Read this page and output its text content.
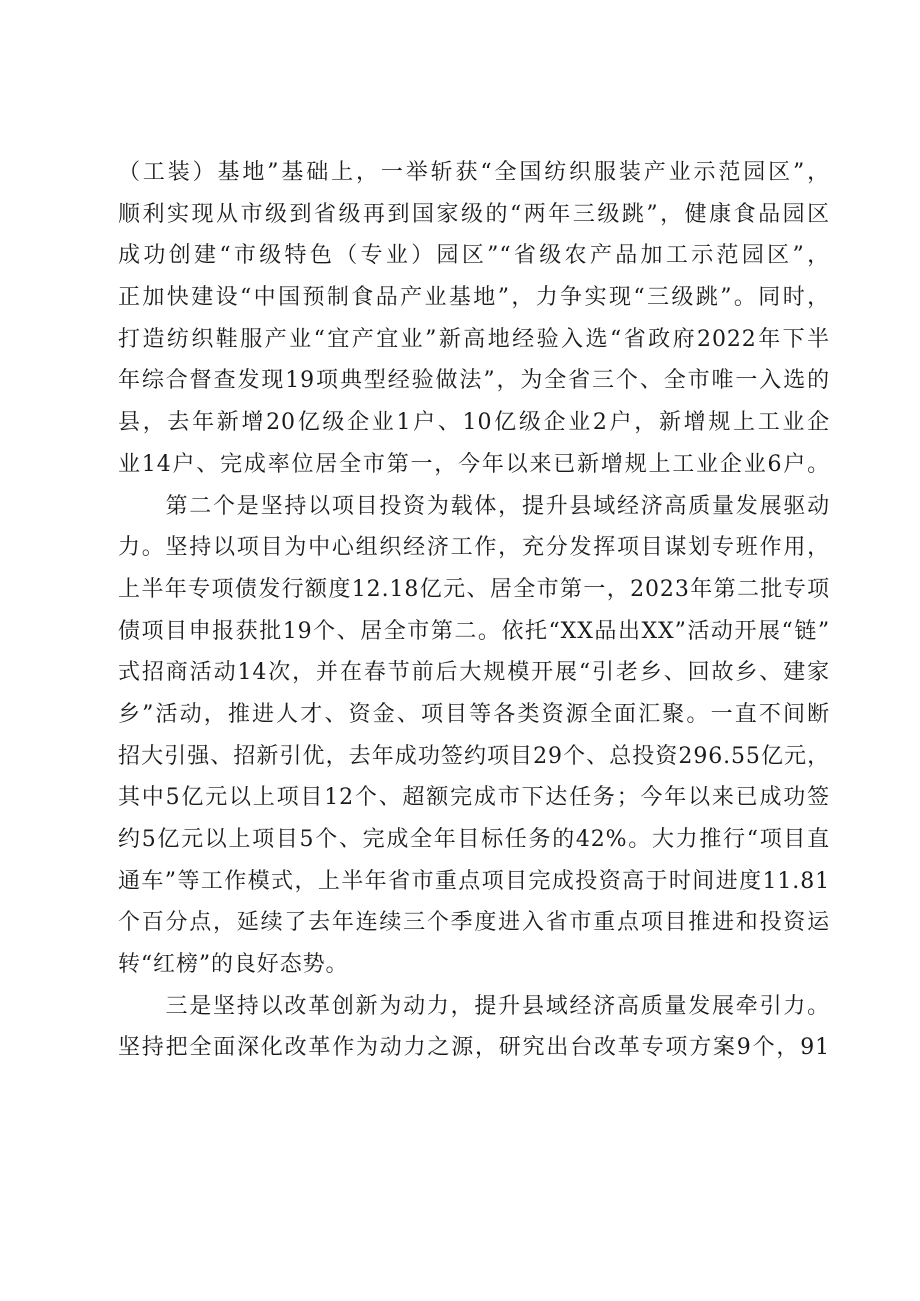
（工装）基地”基础上，一举斩获“全国纺织服装产业示范园区”，
顺利实现从市级到省级再到国家级的“两年三级跳”，健康食品园区
成功创建“市级特色（专业）园区”“省级农产品加工示范园区”，
正加快建设“中国预制食品产业基地”，力争实现“三级跳”。同时，
打造纺织鞋服产业“宜产宜业”新高地经验入选“省政府2022年下半
年综合督查发现19项典型经验做法”，为全省三个、全市唯一入选的
县，去年新增20亿级企业1户、10亿级企业2户，新增规上工业企
业14户、完成率位居全市第一，今年以来已新增规上工业企业6户。
　　第二个是坚持以项目投资为载体，提升县域经济高质量发展驱动
力。坚持以项目为中心组织经济工作，充分发挥项目谋划专班作用，
上半年专项债发行额度12.18亿元、居全市第一，2023年第二批专项
债项目申报获批19个、居全市第二。依托“XX品出XX”活动开展“链”
式招商活动14次，并在春节前后大规模开展“引老乡、回故乡、建家
乡”活动，推进人才、资金、项目等各类资源全面汇聚。一直不间断
招大引强、招新引优，去年成功签约项目29个、总投资296.55亿元，
其中5亿元以上项目12个、超额完成市下达任务；今年以来已成功签
约5亿元以上项目5个、完成全年目标任务的42%。大力推行“项目直
通车”等工作模式，上半年省市重点项目完成投资高于时间进度11.81
个百分点，延续了去年连续三个季度进入省市重点项目推进和投资运
转“红榜”的良好态势。
　　三是坚持以改革创新为动力，提升县域经济高质量发展牵引力。
坚持把全面深化改革作为动力之源，研究出台改革专项方案9个，91
